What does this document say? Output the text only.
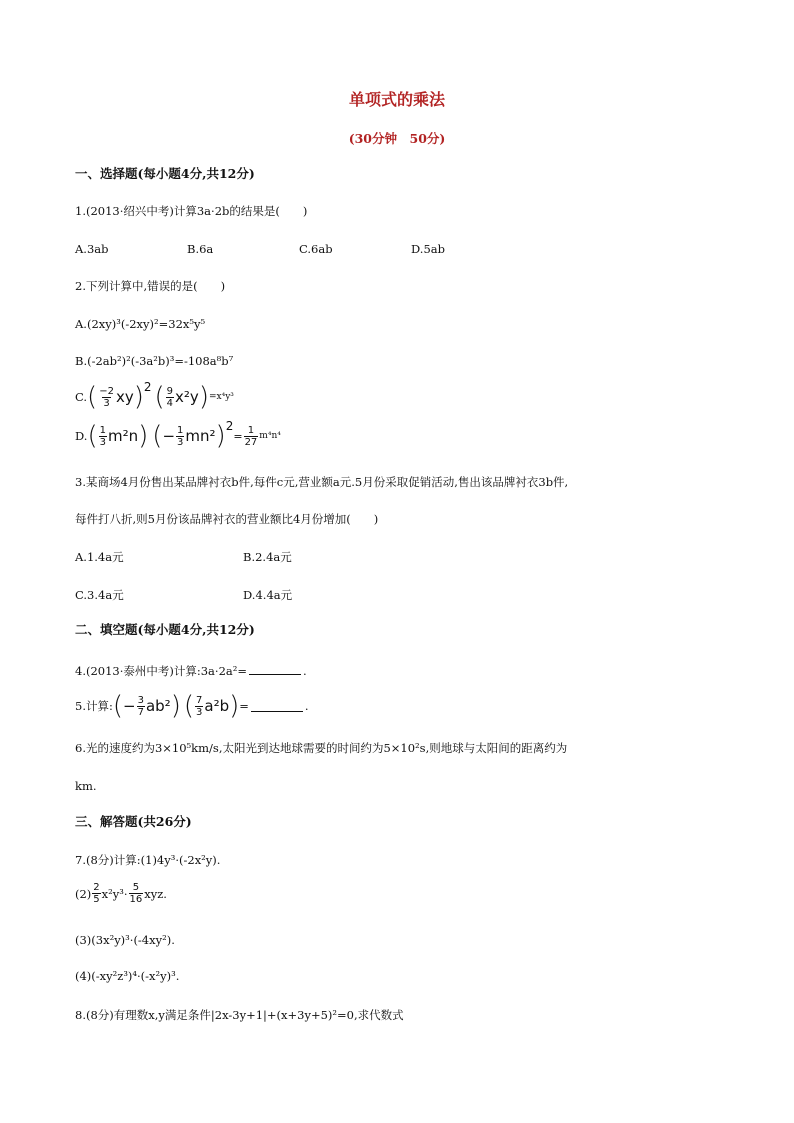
单项式的乘法
(30分钟　50分)
一、选择题(每小题4分,共12分)
1.(2013·绍兴中考)计算3a·2b的结果是(　　)
A.3ab	B.6a	C.6ab	D.5ab
2.下列计算中,错误的是(　　)
A.(2xy)³(-2xy)²=32x⁵y⁵
B.(-2ab²)²(-3a²b)³=-108a⁸b⁷
C. ( $\frac{-2}{3}$ xy ) 2 ( $\frac{9}{4} x^2y$ ) =x⁴y³
D. ( $\frac{1}{3} m^2n$ ) ( − $\frac{1}{3} mn^2$ ) 2
= $\frac{1}{27} m^4n^4$
3.某商场4月份售出某品牌衬衣b件,每件c元,营业额a元.5月份采取促销活动,售出该品牌衬衣3b件,
每件打八折,则5月份该品牌衬衣的营业额比4月份增加(　　)
A.1.4a元	B.2.4a元
C.3.4a元	D.4.4a元
二、填空题(每小题4分,共12分)
4.(2013·泰州中考)计算:3a·2a²=	.
5.计算: ( − $\frac{3}{7} ab^2$ ) ( $\frac{7}{3} a^2b$ ) =	.
6.光的速度约为3×10⁵km/s,太阳光到达地球需要的时间约为5×10²s,则地球与太阳间的距离约为
km.
三、解答题(共26分)
7.(8分)计算:(1)4y³·(-2x²y).
$(2) \frac{2}{5} x^2y^3\cdot \frac{5}{16}$ xyz.
(3)(3x²y)³·(-4xy²).
(4)(-xy²z³)⁴·(-x²y)³.
8.(8分)有理数x,y满足条件|2x-3y+1|+(x+3y+5)²=0,求代数式
